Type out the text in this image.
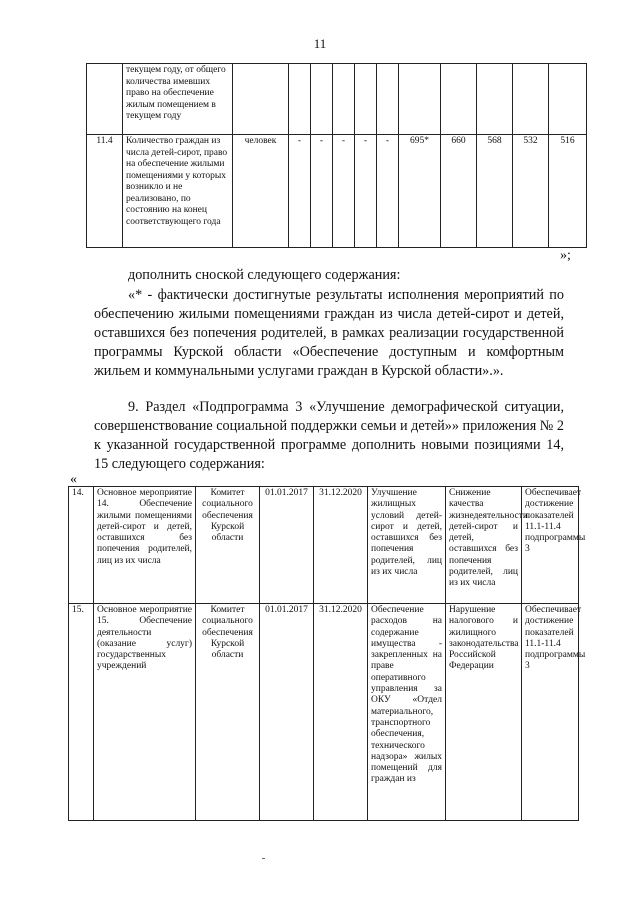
11
	текущем году, от общего количества имевших право на обеспечение жилым помещением в текущем году											
11.4	Количество граждан из числа детей-сирот, право на обеспечение жилыми помещениями у которых возникло и не реализовано, по состоянию на конец соответствующего года	человек	-	-	-	-	-	695*	660	568	532	516
»;
дополнить сноской следующего содержания:
«* - фактически достигнутые результаты исполнения мероприятий по обеспечению жилыми помещениями граждан из числа детей-сирот и детей, оставшихся без попечения родителей, в рамках реализации государственной программы Курской области «Обеспечение доступным и комфортным жильем и коммунальными услугами граждан в Курской области».».
9. Раздел «Подпрограмма 3 «Улучшение демографической ситуации, совершенствование социальной поддержки семьи и детей»» приложения № 2 к указанной государственной программе дополнить новыми позициями 14, 15 следующего содержания:
«
14.	Основное мероприятие 14. Обеспечение жилыми помещениями детей-сирот и детей, оставшихся без попечения родителей, лиц из их числа	Комитет социального обеспечения Курской области	01.01.2017	31.12.2020	Улучшение жилищных условий детей-сирот и детей, оставшихся без попечения родителей, лиц из их числа	Снижение качества жизнедеятельности детей-сирот и детей, оставшихся без попечения родителей, лиц из их числа	Обеспечивает достижение показателей 11.1-11.4 подпрограммы 3
15.	Основное мероприятие 15. Обеспечение деятельности (оказание услуг) государственных учреждений	Комитет социального обеспечения Курской области	01.01.2017	31.12.2020	Обеспечение расходов на содержание имущества - закрепленных на праве оперативного управления за ОКУ «Отдел материального, транспортного обеспечения, технического надзора» жилых помещений для граждан из	Нарушение налогового и жилищного законодательства Российской Федерации	Обеспечивает достижение показателей 11.1-11.4 подпрограммы 3
